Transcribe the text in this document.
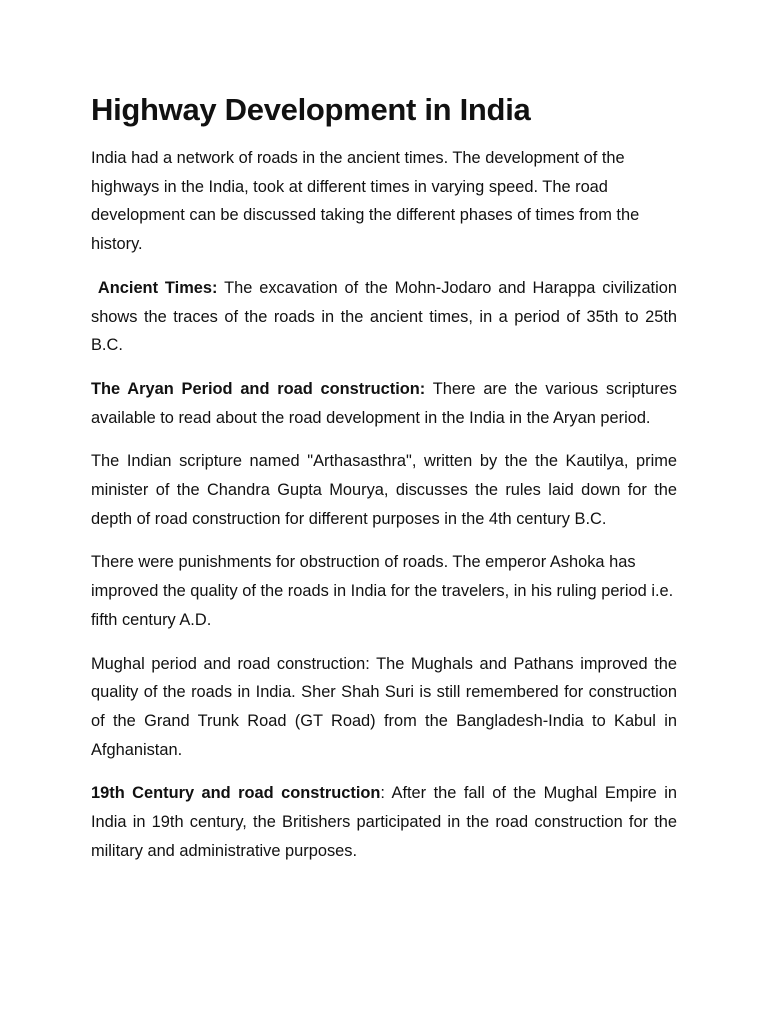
Highway Development in India

India had a network of roads in the ancient times. The development of the highways in the India, took at different times in varying speed. The road development can be discussed taking the different phases of times from the history.

Ancient Times: The excavation of the Mohn-Jodaro and Harappa civilization shows the traces of the roads in the ancient times, in a period of 35th to 25th B.C.

The Aryan Period and road construction: There are the various scriptures available to read about the road development in the India in the Aryan period.

The Indian scripture named "Arthasasthra", written by the the Kautilya, prime minister of the Chandra Gupta Mourya, discusses the rules laid down for the depth of road construction for different purposes in the 4th century B.C.

There were punishments for obstruction of roads. The emperor Ashoka has improved the quality of the roads in India for the travelers, in his ruling period i.e. fifth century A.D.

Mughal period and road construction: The Mughals and Pathans improved the quality of the roads in India. Sher Shah Suri is still remembered for construction of the Grand Trunk Road (GT Road) from the Bangladesh-India to Kabul in Afghanistan.

19th Century and road construction: After the fall of the Mughal Empire in India in 19th century, the Britishers participated in the road construction for the military and administrative purposes.
